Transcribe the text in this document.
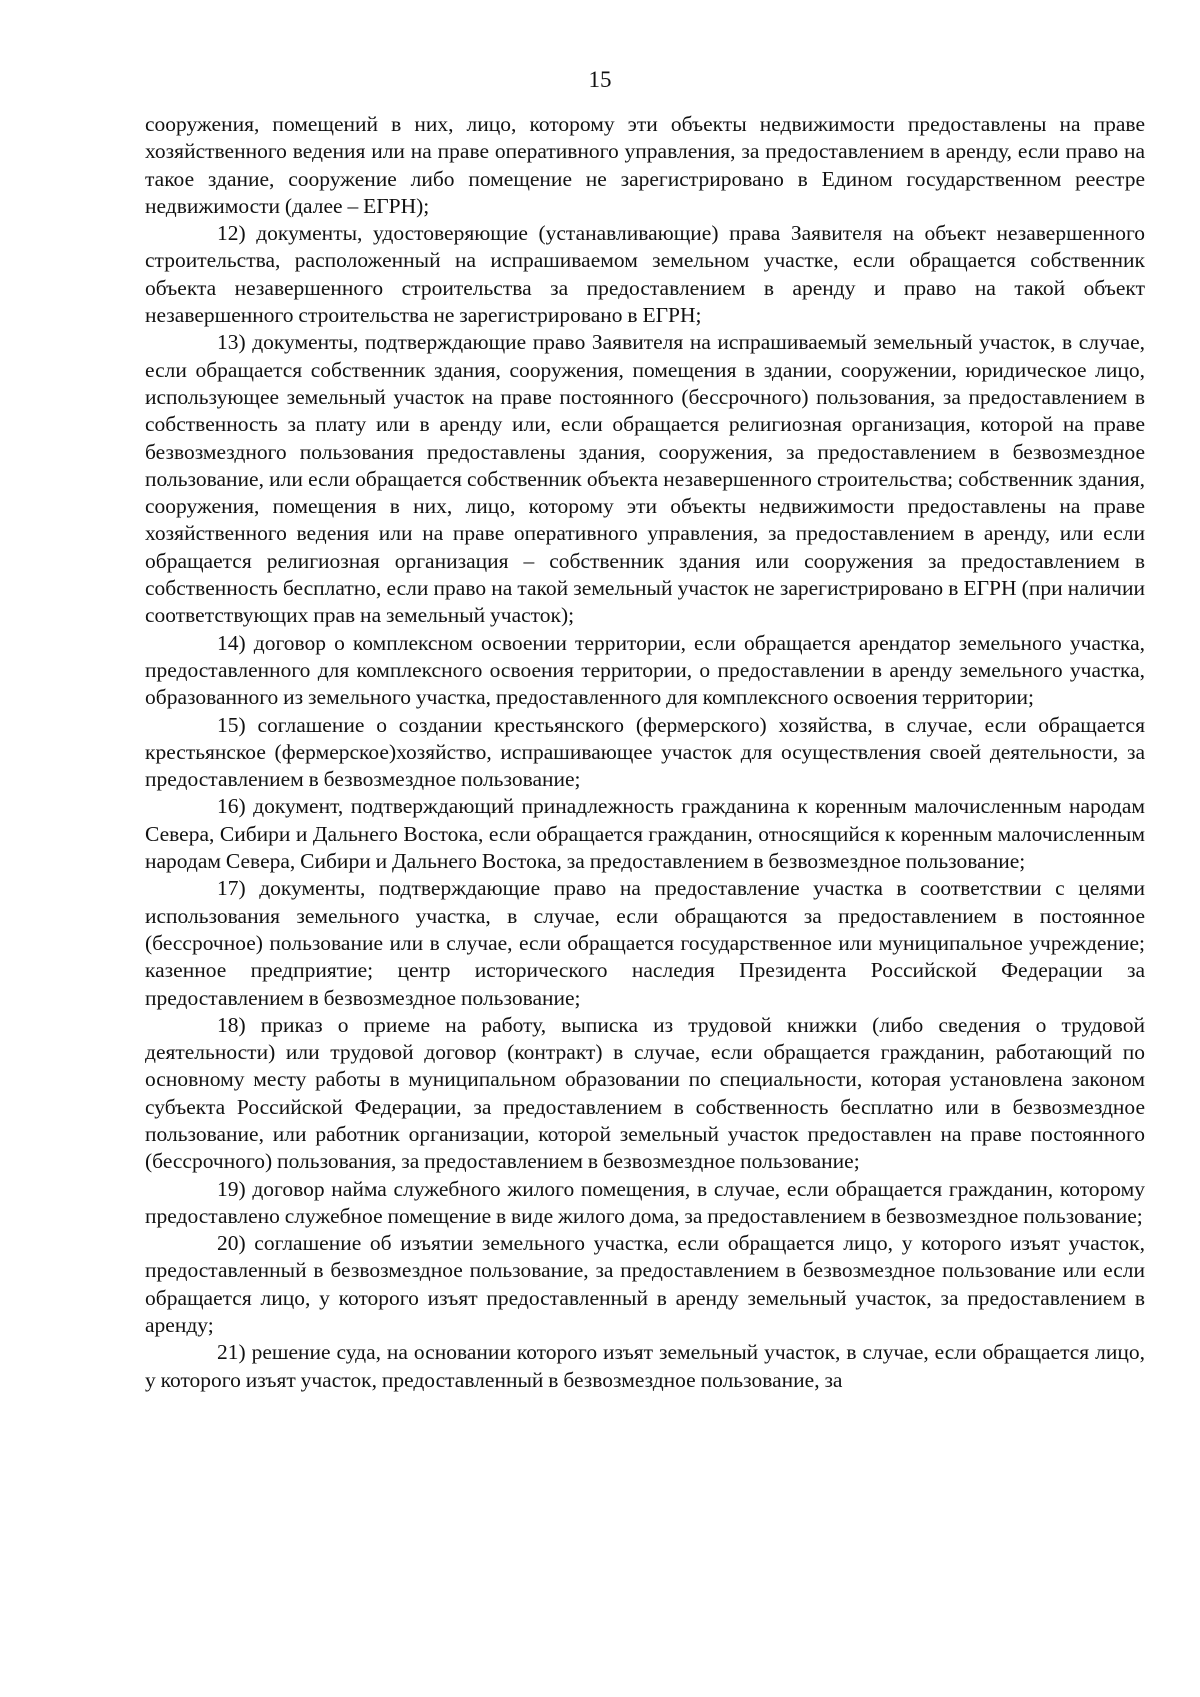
15

сооружения, помещений в них, лицо, которому эти объекты недвижимости предоставлены на праве хозяйственного ведения или на праве оперативного управления, за предоставлением в аренду, если право на такое здание, сооружение либо помещение не зарегистрировано в Едином государственном реестре недвижимости (далее – ЕГРН);

12) документы, удостоверяющие (устанавливающие) права Заявителя на объект незавершенного строительства, расположенный на испрашиваемом земельном участке, если обращается собственник объекта незавершенного строительства за предоставлением в аренду и право на такой объект незавершенного строительства не зарегистрировано в ЕГРН;

13) документы, подтверждающие право Заявителя на испрашиваемый земельный участок, в случае, если обращается собственник здания, сооружения, помещения в здании, сооружении, юридическое лицо, использующее земельный участок на праве постоянного (бессрочного) пользования, за предоставлением в собственность за плату или в аренду или, если обращается религиозная организация, которой на праве безвозмездного пользования предоставлены здания, сооружения, за предоставлением в безвозмездное пользование, или если обращается собственник объекта незавершенного строительства; собственник здания, сооружения, помещения в них, лицо, которому эти объекты недвижимости предоставлены на праве хозяйственного ведения или на праве оперативного управления, за предоставлением в аренду, или если обращается религиозная организация – собственник здания или сооружения за предоставлением в собственность бесплатно, если право на такой земельный участок не зарегистрировано в ЕГРН (при наличии соответствующих прав на земельный участок);

14) договор о комплексном освоении территории, если обращается арендатор земельного участка, предоставленного для комплексного освоения территории, о предоставлении в аренду земельного участка, образованного из земельного участка, предоставленного для комплексного освоения территории;

15) соглашение о создании крестьянского (фермерского) хозяйства, в случае, если обращается крестьянское (фермерское)хозяйство, испрашивающее участок для осуществления своей деятельности, за предоставлением в безвозмездное пользование;

16) документ, подтверждающий принадлежность гражданина к коренным малочисленным народам Севера, Сибири и Дальнего Востока, если обращается гражданин, относящийся к коренным малочисленным народам Севера, Сибири и Дальнего Востока, за предоставлением в безвозмездное пользование;

17) документы, подтверждающие право на предоставление участка в соответствии с целями использования земельного участка, в случае, если обращаются за предоставлением в постоянное (бессрочное) пользование или в случае, если обращается государственное или муниципальное учреждение; казенное предприятие; центр исторического наследия Президента Российской Федерации за предоставлением в безвозмездное пользование;

18) приказ о приеме на работу, выписка из трудовой книжки (либо сведения о трудовой деятельности) или трудовой договор (контракт) в случае, если обращается гражданин, работающий по основному месту работы в муниципальном образовании по специальности, которая установлена законом субъекта Российской Федерации, за предоставлением в собственность бесплатно или в безвозмездное пользование, или работник организации, которой земельный участок предоставлен на праве постоянного (бессрочного) пользования, за предоставлением в безвозмездное пользование;

19) договор найма служебного жилого помещения, в случае, если обращается гражданин, которому предоставлено служебное помещение в виде жилого дома, за предоставлением в безвозмездное пользование;

20) соглашение об изъятии земельного участка, если обращается лицо, у которого изъят участок, предоставленный в безвозмездное пользование, за предоставлением в безвозмездное пользование или если обращается лицо, у которого изъят предоставленный в аренду земельный участок, за предоставлением в аренду;

21) решение суда, на основании которого изъят земельный участок, в случае, если обращается лицо, у которого изъят участок, предоставленный в безвозмездное пользование, за
